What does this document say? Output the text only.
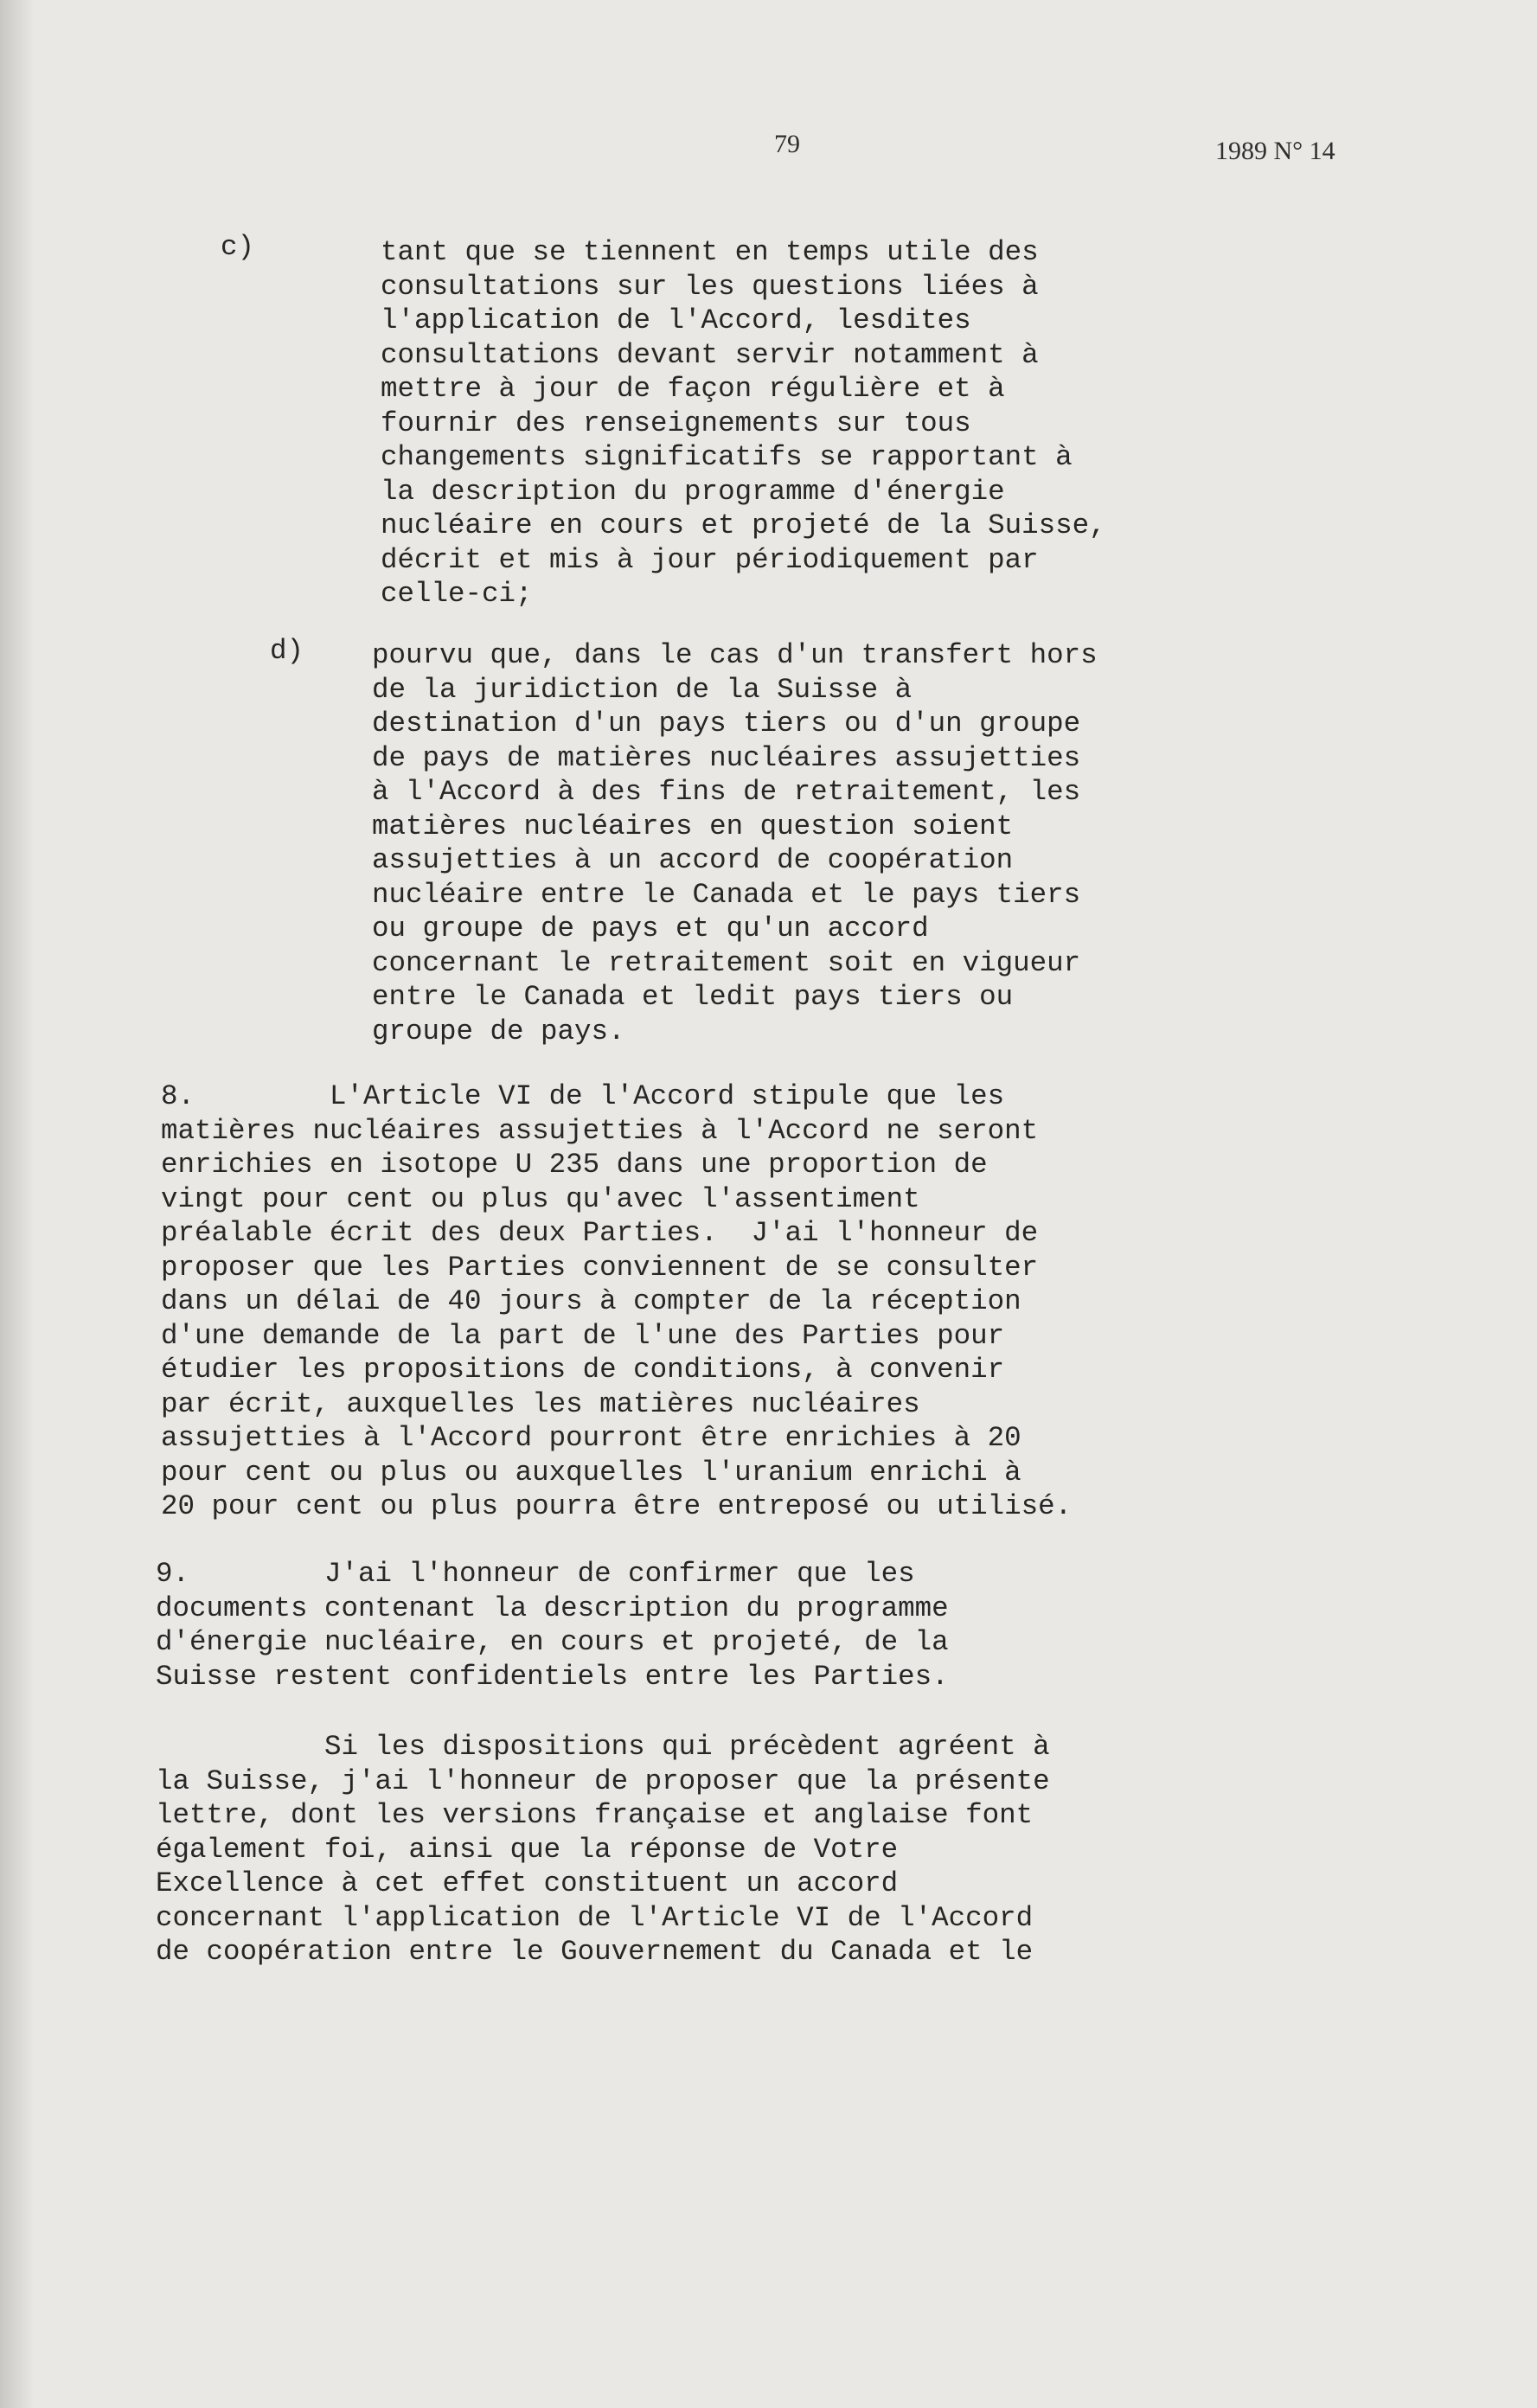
79	1989 N° 14
c)	tant que se tiennent en temps utile des
consultations sur les questions liées à
l'application de l'Accord, lesdites
consultations devant servir notamment à
mettre à jour de façon régulière et à
fournir des renseignements sur tous
changements significatifs se rapportant à
la description du programme d'énergie
nucléaire en cours et projeté de la Suisse,
décrit et mis à jour périodiquement par
celle-ci;
d) pourvu que, dans le cas d'un transfert hors
de la juridiction de la Suisse à
destination d'un pays tiers ou d'un groupe
de pays de matières nucléaires assujetties
à l'Accord à des fins de retraitement, les
matières nucléaires en question soient
assujetties à un accord de coopération
nucléaire entre le Canada et le pays tiers
ou groupe de pays et qu'un accord
concernant le retraitement soit en vigueur
entre le Canada et ledit pays tiers ou
groupe de pays.
8.        L'Article VI de l'Accord stipule que les
matières nucléaires assujetties à l'Accord ne seront
enrichies en isotope U 235 dans une proportion de
vingt pour cent ou plus qu'avec l'assentiment
préalable écrit des deux Parties.  J'ai l'honneur de
proposer que les Parties conviennent de se consulter
dans un délai de 40 jours à compter de la réception
d'une demande de la part de l'une des Parties pour
étudier les propositions de conditions, à convenir
par écrit, auxquelles les matières nucléaires
assujetties à l'Accord pourront être enrichies à 20
pour cent ou plus ou auxquelles l'uranium enrichi à
20 pour cent ou plus pourra être entreposé ou utilisé.
9.        J'ai l'honneur de confirmer que les
documents contenant la description du programme
d'énergie nucléaire, en cours et projeté, de la
Suisse restent confidentiels entre les Parties.
Si les dispositions qui précèdent agréent à
la Suisse, j'ai l'honneur de proposer que la présente
lettre, dont les versions française et anglaise font
également foi, ainsi que la réponse de Votre
Excellence à cet effet constituent un accord
concernant l'application de l'Article VI de l'Accord
de coopération entre le Gouvernement du Canada et le
